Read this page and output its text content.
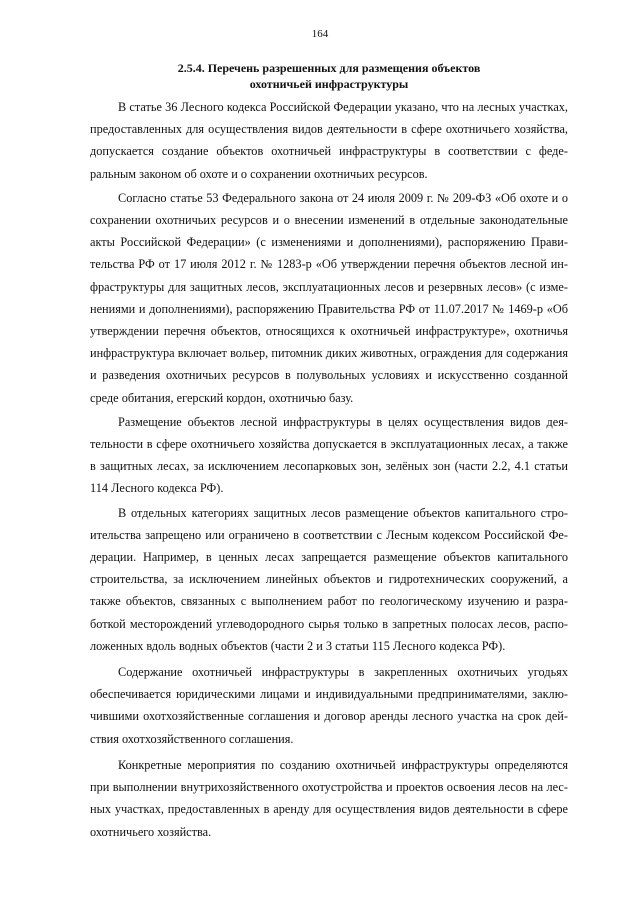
164
2.5.4. Перечень разрешенных для размещения объектов
охотничьей инфраструктуры

В статье 36 Лесного кодекса Российской Федерации указано, что на лесных участках, предоставленных для осуществления видов деятельности в сфере охотничьего хозяйства, допускается создание объектов охотничьей инфраструктуры в соответствии с федеральным законом об охоте и о сохранении охотничьих ресурсов.

Согласно статье 53 Федерального закона от 24 июля 2009 г. № 209-ФЗ «Об охоте и о сохранении охотничьих ресурсов и о внесении изменений в отдельные законодательные акты Российской Федерации» (с изменениями и дополнениями), распоряжению Правительства РФ от 17 июля 2012 г. № 1283-р «Об утверждении перечня объектов лесной инфраструктуры для защитных лесов, эксплуатационных лесов и резервных лесов» (с изменениями и дополнениями), распоряжению Правительства РФ от 11.07.2017 № 1469-р «Об утверждении перечня объектов, относящихся к охотничьей инфраструктуре», охотничья инфраструктура включает вольер, питомник диких животных, ограждения для содержания и разведения охотничьих ресурсов в полувольных условиях и искусственно созданной среде обитания, егерский кордон, охотничью базу.

Размещение объектов лесной инфраструктуры в целях осуществления видов деятельности в сфере охотничьего хозяйства допускается в эксплуатационных лесах, а также в защитных лесах, за исключением лесопарковых зон, зелёных зон (части 2.2, 4.1 статьи 114 Лесного кодекса РФ).

В отдельных категориях защитных лесов размещение объектов капитального строительства запрещено или ограничено в соответствии с Лесным кодексом Российской Федерации. Например, в ценных лесах запрещается размещение объектов капитального строительства, за исключением линейных объектов и гидротехнических сооружений, а также объектов, связанных с выполнением работ по геологическому изучению и разработкой месторождений углеводородного сырья только в запретных полосах лесов, расположенных вдоль водных объектов (части 2 и 3 статьи 115 Лесного кодекса РФ).

Содержание охотничьей инфраструктуры в закрепленных охотничьих угодьях обеспечивается юридическими лицами и индивидуальными предпринимателями, заключившими охотхозяйственные соглашения и договор аренды лесного участка на срок действия охотхозяйственного соглашения.

Конкретные мероприятия по созданию охотничьей инфраструктуры определяются при выполнении внутрихозяйственного охотустройства и проектов освоения лесов на лесных участках, предоставленных в аренду для осуществления видов деятельности в сфере охотничьего хозяйства.
